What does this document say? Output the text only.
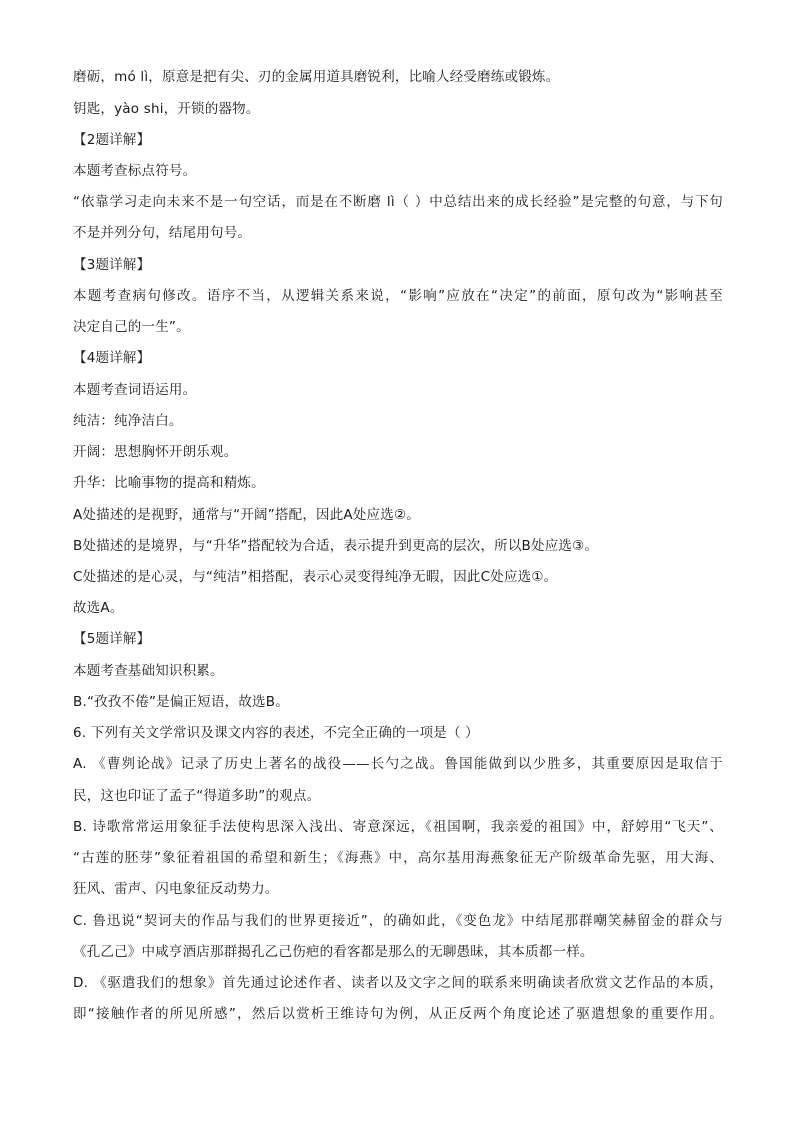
磨砺，mó lì，原意是把有尖、刃的金属用道具磨锐利，比喻人经受磨练或锻炼。
钥匙，yào shi，开锁的器物。
【2题详解】
本题考查标点符号。
“依靠学习走向未来不是一句空话，而是在不断磨 lì（ ）中总结出来的成长经验”是完整的句意，与下句
不是并列分句，结尾用句号。
【3题详解】
本题考查病句修改。语序不当，从逻辑关系来说，“影响”应放在“决定”的前面，原句改为“影响甚至
决定自己的一生”。
【4题详解】
本题考查词语运用。
纯洁：纯净洁白。
开阔：思想胸怀开朗乐观。
升华：比喻事物的提高和精炼。
A处描述的是视野，通常与“开阔”搭配，因此A处应选②。
B处描述的是境界，与“升华”搭配较为合适，表示提升到更高的层次，所以B处应选③。
C处描述的是心灵，与“纯洁”相搭配，表示心灵变得纯净无暇，因此C处应选①。
故选A。
【5题详解】
本题考查基础知识积累。
B.“孜孜不倦”是偏正短语，故选B。
6. 下列有关文学常识及课文内容的表述，不完全正确的一项是（ ）
A. 《曹刿论战》记录了历史上著名的战役——长勺之战。鲁国能做到以少胜多，其重要原因是取信于
民，这也印证了孟子“得道多助”的观点。
B. 诗歌常常运用象征手法使构思深入浅出、寄意深远，《祖国啊，我亲爱的祖国》中，舒婷用“飞天”、
“古莲的胚芽”象征着祖国的希望和新生；《海燕》中，高尔基用海燕象征无产阶级革命先驱，用大海、
狂风、雷声、闪电象征反动势力。
C. 鲁迅说“契诃夫的作品与我们的世界更接近”，的确如此，《变色龙》中结尾那群嘲笑赫留金的群众与
《孔乙己》中咸亨酒店那群揭孔乙己伤疤的看客都是那么的无聊愚昧，其本质都一样。
D. 《驱遣我们的想象》首先通过论述作者、读者以及文字之间的联系来明确读者欣赏文艺作品的本质，
即“接触作者的所见所感”，然后以赏析王维诗句为例，从正反两个角度论述了驱遣想象的重要作用。
